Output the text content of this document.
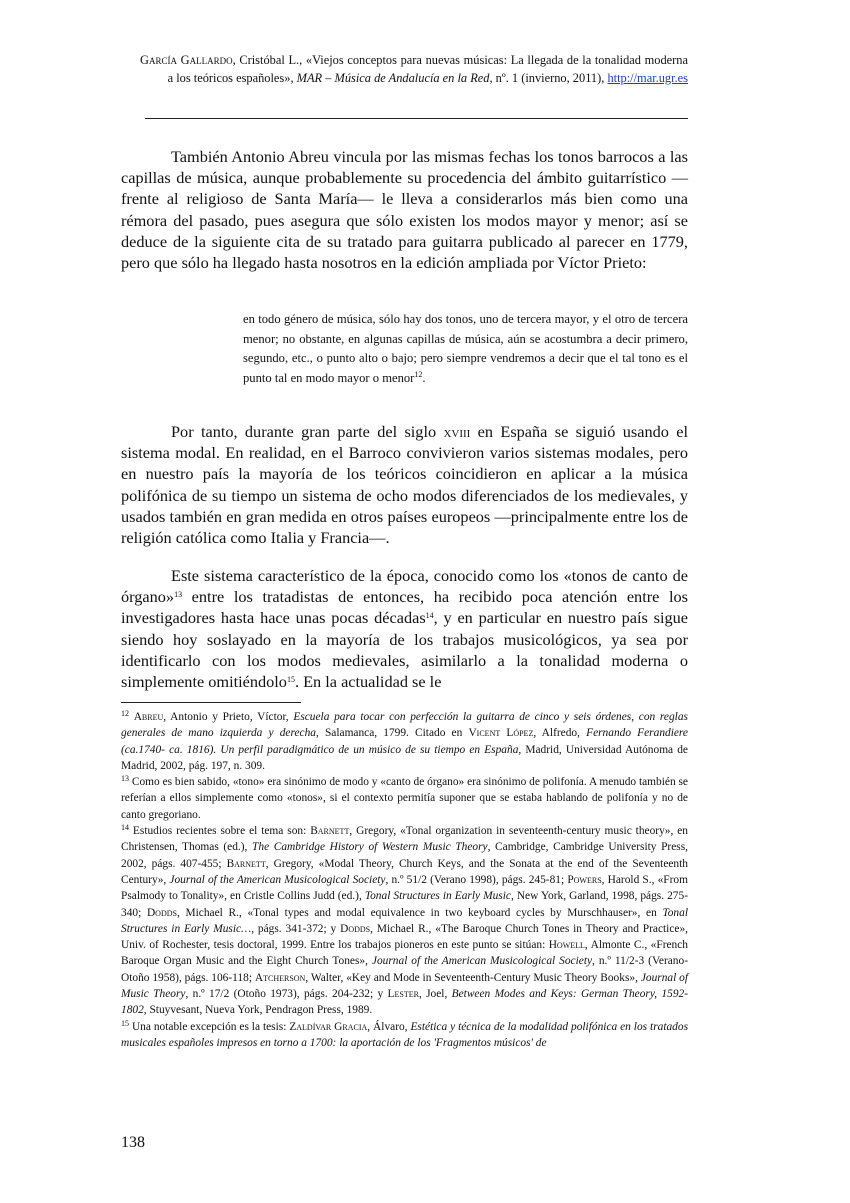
García Gallardo, Cristóbal L., «Viejos conceptos para nuevas músicas: La llegada de la tonalidad moderna a los teóricos españoles», MAR – Música de Andalucía en la Red, nº. 1 (invierno, 2011), http://mar.ugr.es
También Antonio Abreu vincula por las mismas fechas los tonos barrocos a las capillas de música, aunque probablemente su procedencia del ámbito guitarrístico —frente al religioso de Santa María— le lleva a considerarlos más bien como una rémora del pasado, pues asegura que sólo existen los modos mayor y menor; así se deduce de la siguiente cita de su tratado para guitarra publicado al parecer en 1779, pero que sólo ha llegado hasta nosotros en la edición ampliada por Víctor Prieto:
en todo género de música, sólo hay dos tonos, uno de tercera mayor, y el otro de tercera menor; no obstante, en algunas capillas de música, aún se acostumbra a decir primero, segundo, etc., o punto alto o bajo; pero siempre vendremos a decir que el tal tono es el punto tal en modo mayor o menor$^{12}$.
Por tanto, durante gran parte del siglo xviii en España se siguió usando el sistema modal. En realidad, en el Barroco convivieron varios sistemas modales, pero en nuestro país la mayoría de los teóricos coincidieron en aplicar a la música polifónica de su tiempo un sistema de ocho modos diferenciados de los medievales, y usados también en gran medida en otros países europeos —principalmente entre los de religión católica como Italia y Francia—.
Este sistema característico de la época, conocido como los «tonos de canto de órgano»$^{13}$ entre los tratadistas de entonces, ha recibido poca atención entre los investigadores hasta hace unas pocas décadas$^{14}$, y en particular en nuestro país sigue siendo hoy soslayado en la mayoría de los trabajos musicológicos, ya sea por identificarlo con los modos medievales, asimilarlo a la tonalidad moderna o simplemente omitiéndolo$^{15}$. En la actualidad se le

$^{12}$ Abreu, Antonio y Prieto, Víctor, Escuela para tocar con perfección la guitarra de cinco y seis órdenes, con reglas generales de mano izquierda y derecha, Salamanca, 1799. Citado en Vicent López, Alfredo, Fernando Ferandiere (ca.1740- ca. 1816). Un perfil paradigmático de un músico de su tiempo en España, Madrid, Universidad Autónoma de Madrid, 2002, pág. 197, n. 309.

$^{13}$ Como es bien sabido, «tono» era sinónimo de modo y «canto de órgano» era sinónimo de polifonía. A menudo también se referían a ellos simplemente como «tonos», si el contexto permitía suponer que se estaba hablando de polifonía y no de canto gregoriano.

$^{14}$ Estudios recientes sobre el tema son: Barnett, Gregory, «Tonal organization in seventeenth-century music theory», en Christensen, Thomas (ed.), The Cambridge History of Western Music Theory, Cambridge, Cambridge University Press, 2002, págs. 407-455; Barnett, Gregory, «Modal Theory, Church Keys, and the Sonata at the end of the Seventeenth Century», Journal of the American Musicological Society, n.º 51/2 (Verano 1998), págs. 245-81; Powers, Harold S., «From Psalmody to Tonality», en Cristle Collins Judd (ed.), Tonal Structures in Early Music, New York, Garland, 1998, págs. 275-340; Dodds, Michael R., «Tonal types and modal equivalence in two keyboard cycles by Murschhauser», en Tonal Structures in Early Music…, págs. 341-372; y Dodds, Michael R., «The Baroque Church Tones in Theory and Practice», Univ. of Rochester, tesis doctoral, 1999. Entre los trabajos pioneros en este punto se sitúan: Howell, Almonte C., «French Baroque Organ Music and the Eight Church Tones», Journal of the American Musicological Society, n.º 11/2-3 (Verano-Otoño 1958), págs. 106-118; Atcherson, Walter, «Key and Mode in Seventeenth-Century Music Theory Books», Journal of Music Theory, n.º 17/2 (Otoño 1973), págs. 204-232; y Lester, Joel, Between Modes and Keys: German Theory, 1592-1802, Stuyvesant, Nueva York, Pendragon Press, 1989.

$^{15}$ Una notable excepción es la tesis: Zaldívar Gracia, Álvaro, Estética y técnica de la modalidad polifónica en los tratados musicales españoles impresos en torno a 1700: la aportación de los 'Fragmentos músicos' de

138
